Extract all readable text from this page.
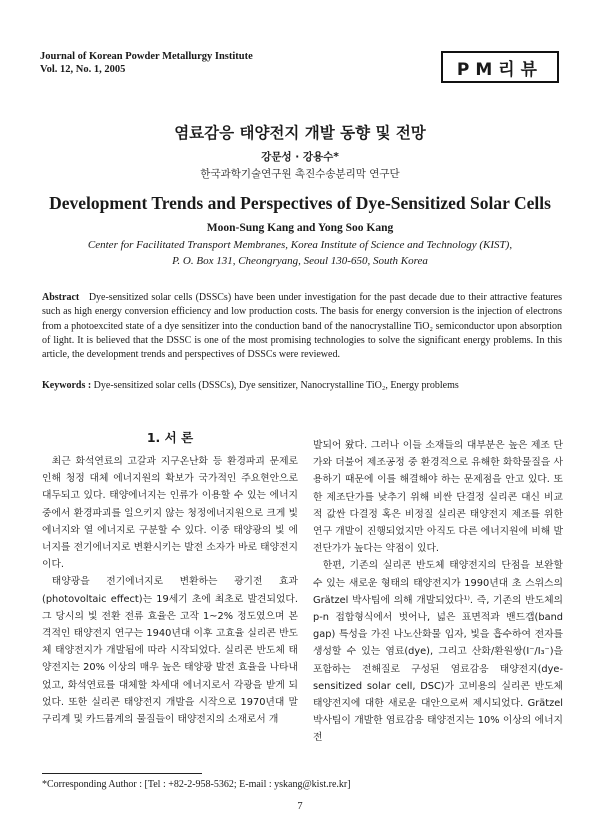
Journal of Korean Powder Metallurgy Institute
Vol. 12, No. 1, 2005	PM리뷰
염료감응 태양전지 개발 동향 및 전망
강문성 · 강용수*
한국과학기술연구원 촉진수송분리막 연구단
Development Trends and Perspectives of Dye-Sensitized Solar Cells
Moon-Sung Kang and Yong Soo Kang
Center for Facilitated Transport Membranes, Korea Institute of Science and Technology (KIST),
P. O. Box 131, Cheongryang, Seoul 130-650, South Korea
Abstract Dye-sensitized solar cells (DSSCs) have been under investigation for the past decade due to their attractive features such as high energy conversion efficiency and low production costs. The basis for energy conversion is the injection of electrons from a photoexcited state of a dye sensitizer into the conduction band of the nanocrystalline TiO₂ semiconductor upon absorption of light. It is believed that the DSSC is one of the most promising technologies to solve the significant energy problems. In this article, the development trends and perspectives of DSSCs were reviewed.
Keywords : Dye-sensitized solar cells (DSSCs), Dye sensitizer, Nanocrystalline TiO₂, Energy problems
1. 서 론

최근 화석연료의 고갈과 지구온난화 등 환경파괴 문제로 인해 청정 대체 에너지원의 확보가 국가적인 주요현안으로 대두되고 있다. 태양에너지는 인류가 이용할 수 있는 에너지 중에서 환경파괴를 일으키지 않는 청정에너지원으로 크게 빛 에너지와 열 에너지로 구분할 수 있다. 이중 태양광의 빛 에너지를 전기에너지로 변환시키는 발전 소자가 바로 태양전지이다.

태양광을 전기에너지로 변환하는 광기전 효과(photovoltaic effect)는 19세기 초에 최초로 발견되었다. 그 당시의 빛 전환 전류 효율은 고작 1~2% 정도였으며 본격적인 태양전지 연구는 1940년대 이후 고효율 실리콘 반도체 태양전지가 개발됨에 따라 시작되었다. 실리콘 반도체 태양전지는 20% 이상의 매우 높은 태양광 발전 효율을 나타내었고, 화석연료를 대체할 차세대 에너지로서 각광을 받게 되었다. 또한 실리콘 태양전지 개발을 시작으로 1970년대 말 구리계 및 카드뮴계의 물질들이 태양전지의 소재로서 개

발되어 왔다. 그러나 이들 소재들의 대부분은 높은 제조 단가와 더불어 제조공정 중 환경적으로 유해한 화학물질을 사용하기 때문에 이를 해결해야 하는 문제점을 안고 있다. 또한 제조단가를 낮추기 위해 비싼 단결정 실리콘 대신 비교적 값싼 다결정 혹은 비정질 실리콘 태양전지 제조를 위한 연구 개발이 진행되었지만 아직도 다른 에너지원에 비해 발전단가가 높다는 약점이 있다.

한편, 기존의 실리콘 반도체 태양전지의 단점을 보완할 수 있는 새로운 형태의 태양전지가 1990년대 초 스위스의 Grätzel 박사팀에 의해 개발되었다¹⁾. 즉, 기존의 반도체의 p-n 접합형식에서 벗어나, 넓은 표면적과 밴드갭(band gap) 특성을 가진 나노산화물 입자, 빛을 흡수하여 전자를 생성할 수 있는 염료(dye), 그리고 산화/환원쌍(I⁻/I₃⁻)을 포함하는 전해질로 구성된 염료감응 태양전지(dye-sensitized solar cell, DSC)가 고비용의 실리콘 반도체 태양전지에 대한 새로운 대안으로써 제시되었다. Grätzel 박사팀이 개발한 염료감응 태양전지는 10% 이상의 에너지 전

*Corresponding Author : [Tel : +82-2-958-5362; E-mail : yskang@kist.re.kr]
7
